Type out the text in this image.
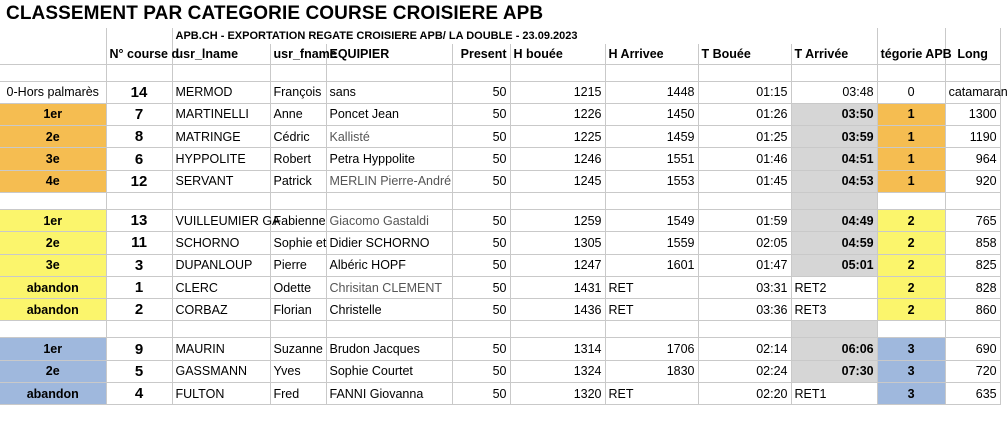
CLASSEMENT PAR CATEGORIE COURSE CROISIERE APB
		APB.CH - EXPORTATION REGATE CROISIERE APB/ LA DOUBLE - 23.09.2023									
	N° course d	usr_lname	usr_fname	EQUIPIER	Present	H bouée	H Arrivee	T Bouée	T Arrivée	tégorie APB	Long

0-Hors palmarès	14	MERMOD	François	sans	50	1215	1448	01:15	03:48	0	catamaran
1er	7	MARTINELLI	Anne	Poncet Jean	50	1226	1450	01:26	03:50	1	1300
2e	8	MATRINGE	Cédric	Kallisté	50	1225	1459	01:25	03:59	1	1190
3e	6	HYPPOLITE	Robert	Petra Hyppolite	50	1246	1551	01:46	04:51	1	964
4e	12	SERVANT	Patrick	MERLIN Pierre-André	50	1245	1553	01:45	04:53	1	920

1er	13	VUILLEUMIER GA	Fabienne	Giacomo Gastaldi	50	1259	1549	01:59	04:49	2	765
2e	11	SCHORNO	Sophie et	Didier SCHORNO	50	1305	1559	02:05	04:59	2	858
3e	3	DUPANLOUP	Pierre	Albéric HOPF	50	1247	1601	01:47	05:01	2	825
abandon	1	CLERC	Odette	Chrisitan CLEMENT	50	1431	RET	03:31	RET2	2	828
abandon	2	CORBAZ	Florian	Christelle	50	1436	RET	03:36	RET3	2	860

1er	9	MAURIN	Suzanne	Brudon Jacques	50	1314	1706	02:14	06:06	3	690
2e	5	GASSMANN	Yves	Sophie Courtet	50	1324	1830	02:24	07:30	3	720
abandon	4	FULTON	Fred	FANNI Giovanna	50	1320	RET	02:20	RET1	3	635
